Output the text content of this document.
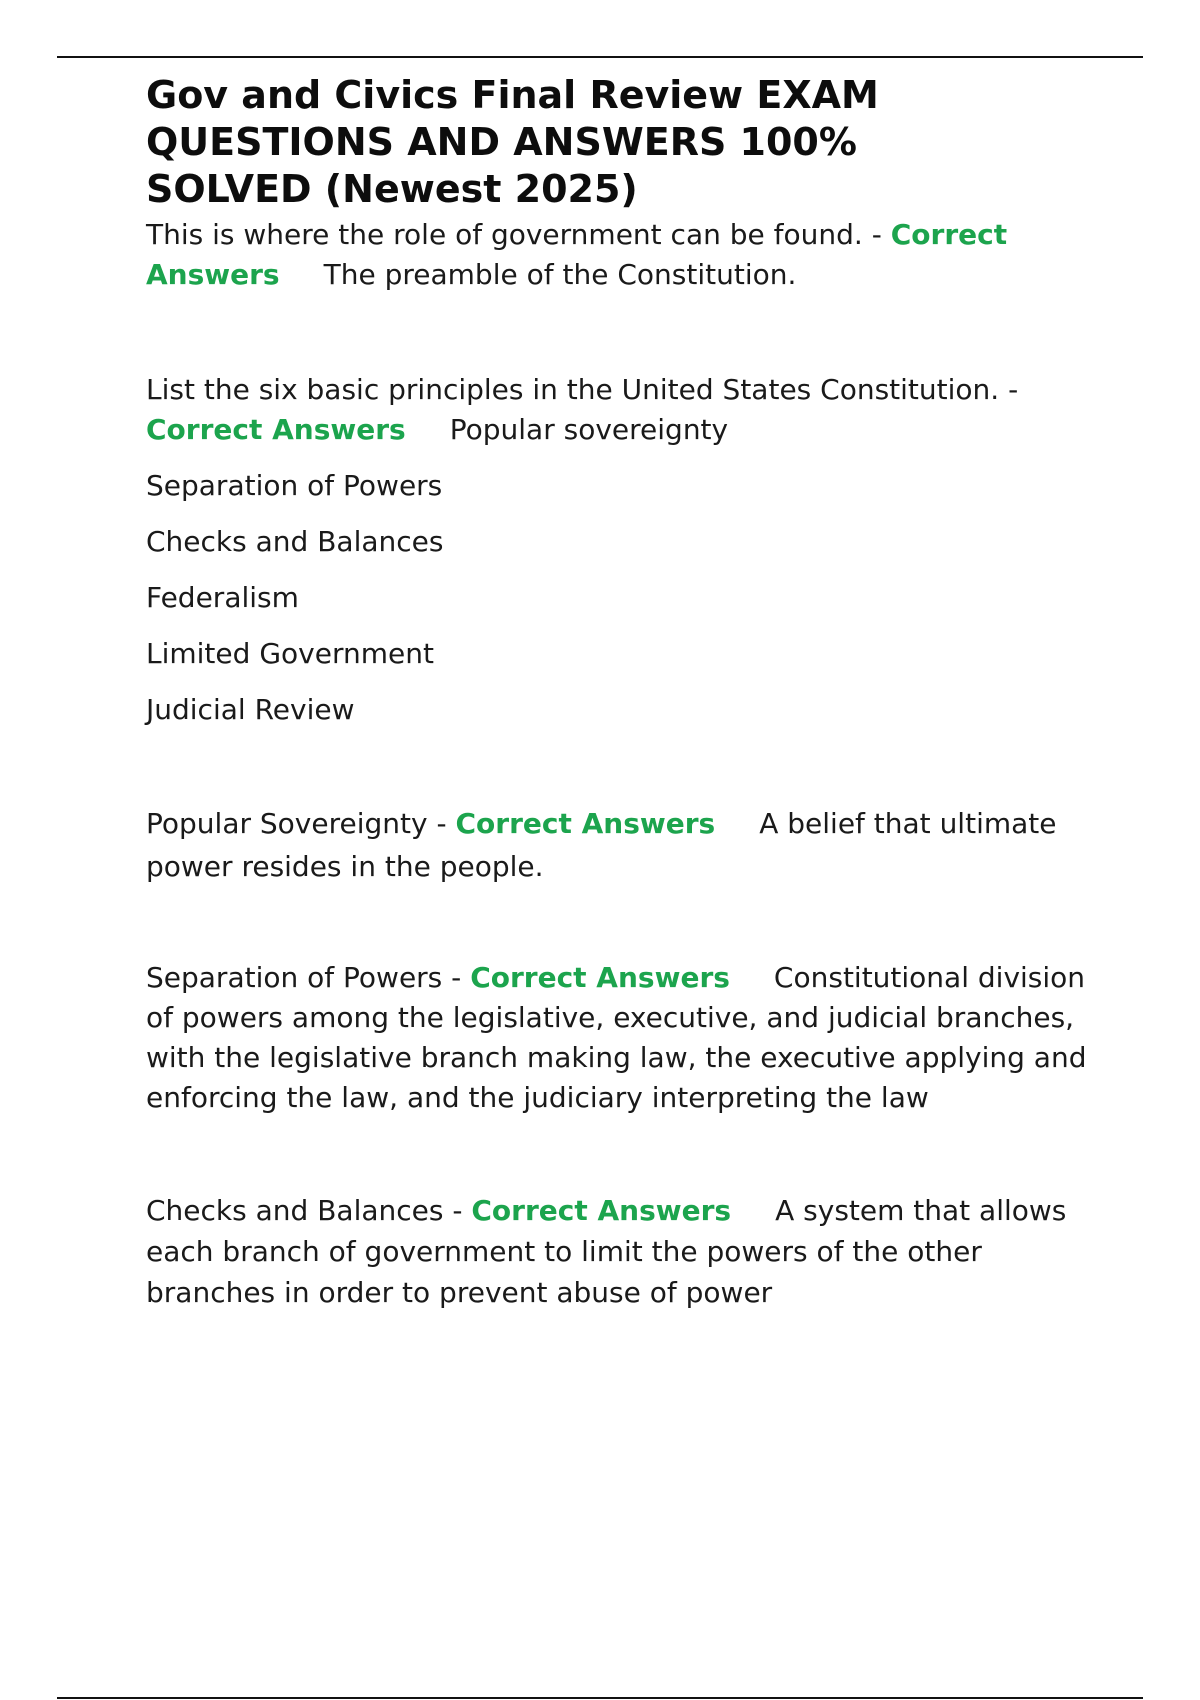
Gov and Civics Final Review EXAM QUESTIONS AND ANSWERS 100% SOLVED (Newest 2025)

This is where the role of government can be found. - Correct Answers The preamble of the Constitution.

List the six basic principles in the United States Constitution. - Correct Answers Popular sovereignty

Separation of Powers
Checks and Balances
Federalism
Limited Government
Judicial Review

Popular Sovereignty - Correct Answers A belief that ultimate power resides in the people.

Separation of Powers - Correct Answers Constitutional division of powers among the legislative, executive, and judicial branches, with the legislative branch making law, the executive applying and enforcing the law, and the judiciary interpreting the law

Checks and Balances - Correct Answers A system that allows each branch of government to limit the powers of the other branches in order to prevent abuse of power
